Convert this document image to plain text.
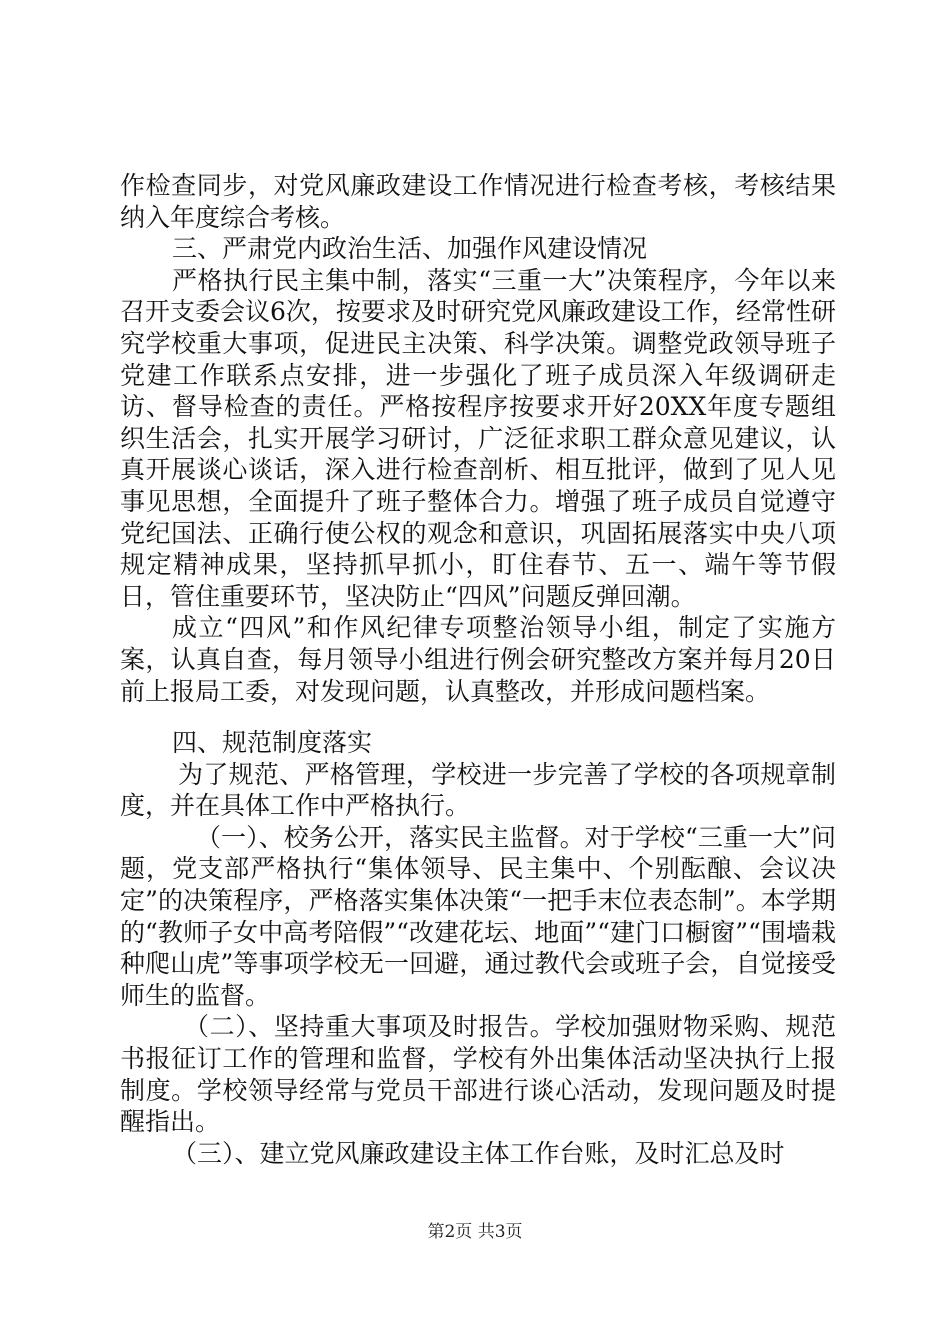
作检查同步，对党风廉政建设工作情况进行检查考核，考核结果纳入年度综合考核。

三、严肃党内政治生活、加强作风建设情况

严格执行民主集中制，落实“三重一大”决策程序，今年以来召开支委会议6次，按要求及时研究党风廉政建设工作，经常性研究学校重大事项，促进民主决策、科学决策。调整党政领导班子党建工作联系点安排，进一步强化了班子成员深入年级调研走访、督导检查的责任。严格按程序按要求开好20XX年度专题组织生活会，扎实开展学习研讨，广泛征求职工群众意见建议，认真开展谈心谈话，深入进行检查剖析、相互批评，做到了见人见事见思想，全面提升了班子整体合力。增强了班子成员自觉遵守党纪国法、正确行使公权的观念和意识，巩固拓展落实中央八项规定精神成果，坚持抓早抓小，盯住春节、五一、端午等节假日，管住重要环节，坚决防止“四风”问题反弹回潮。

成立“四风”和作风纪律专项整治领导小组，制定了实施方案，认真自查，每月领导小组进行例会研究整改方案并每月20日前上报局工委，对发现问题，认真整改，并形成问题档案。

四、规范制度落实

为了规范、严格管理，学校进一步完善了学校的各项规章制度，并在具体工作中严格执行。

（一）、校务公开，落实民主监督。对于学校“三重一大”问题，党支部严格执行“集体领导、民主集中、个别酝酿、会议决定”的决策程序，严格落实集体决策“一把手末位表态制”。本学期的“教师子女中高考陪假”“改建花坛、地面”“建门口橱窗”“围墙栽种爬山虎”等事项学校无一回避，通过教代会或班子会，自觉接受师生的监督。

（二）、坚持重大事项及时报告。学校加强财物采购、规范书报征订工作的管理和监督，学校有外出集体活动坚决执行上报制度。学校领导经常与党员干部进行谈心活动，发现问题及时提醒指出。

（三）、建立党风廉政建设主体工作台账，及时汇总及时

第2页 共3页
